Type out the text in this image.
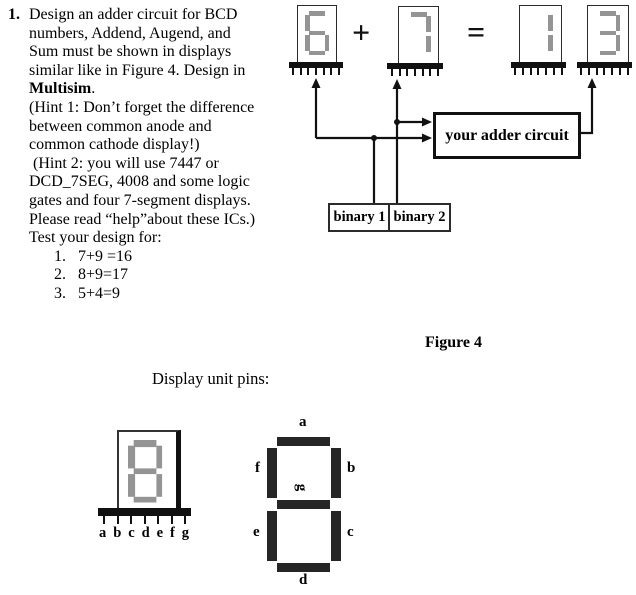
1. Design an adder circuit for BCD
numbers, Addend, Augend, and
Sum must be shown in displays
similar like in Figure 4. Design in
Multisim.
(Hint 1: Don’t forget the difference
between common anode and
common cathode display!)
(Hint 2: you will use 7447 or
DCD_7SEG, 4008 and some logic
gates and four 7-segment displays.
Please read “help”about these ICs.)
Test your design for:
1. 7+9 =16
2. 8+9=17
3. 5+4=9
+	=
your adder circuit
binary 1 binary 2
Figure 4
Display unit pins:
a b c d e f g
a
f	b
g
e	c
d
